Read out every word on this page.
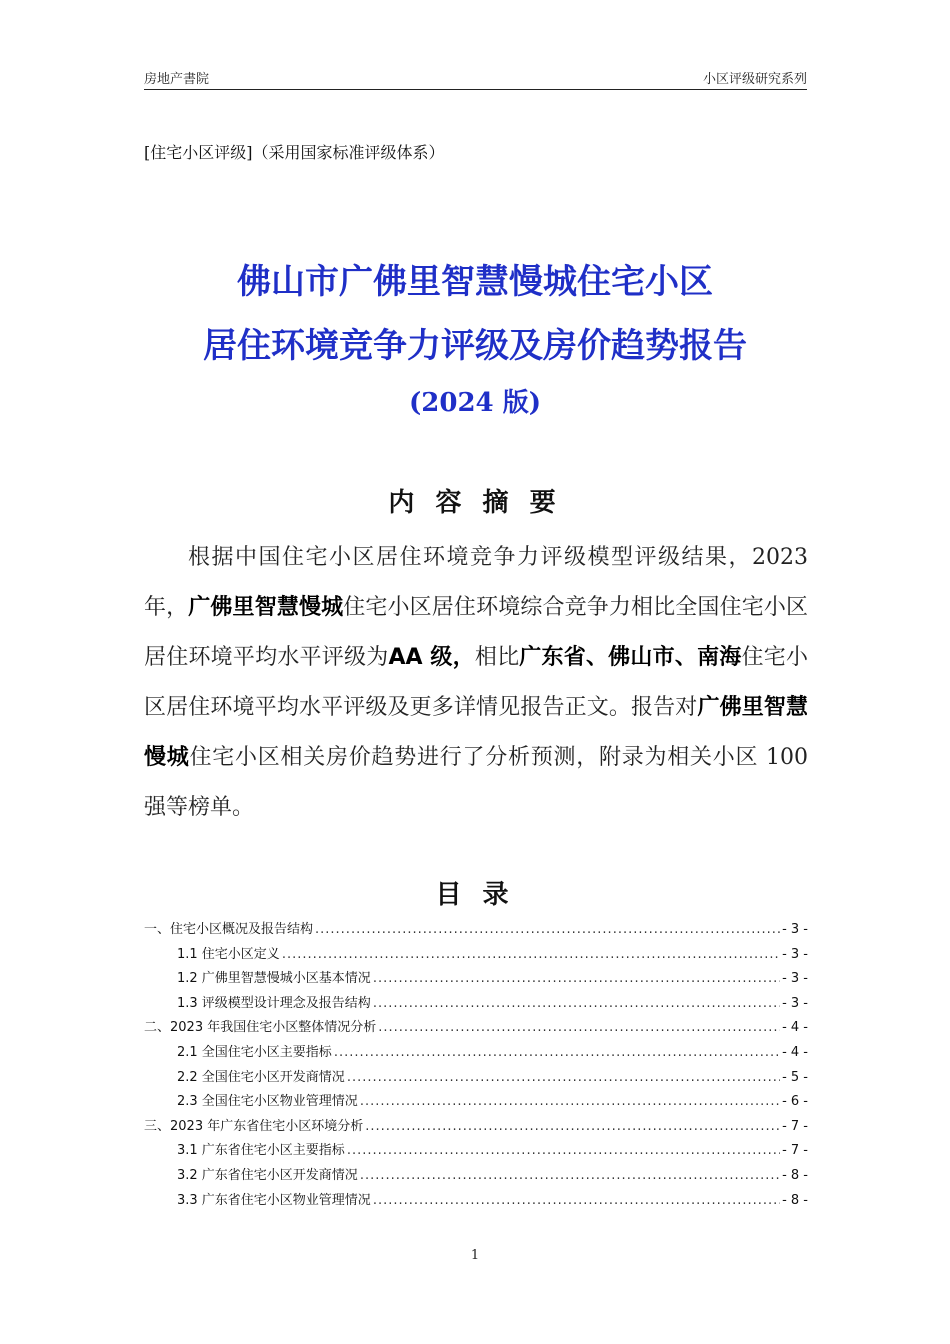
房地产書院	小区评级研究系列
[住宅小区评级]（采用国家标准评级体系）
佛山市广佛里智慧慢城住宅小区
居住环境竞争力评级及房价趋势报告
(2024 版)
内 容 摘 要
根据中国住宅小区居住环境竞争力评级模型评级结果，2023 年，广佛里智慧慢城住宅小区居住环境综合竞争力相比全国住宅小区居住环境平均水平评级为AA 级，相比广东省、佛山市、南海住宅小区居住环境平均水平评级及更多详情见报告正文。报告对广佛里智慧慢城住宅小区相关房价趋势进行了分析预测，附录为相关小区 100 强等榜单。
目 录
一、住宅小区概况及报告结构 .....	- 3 -
1.1 住宅小区定义 .....	- 3 -
1.2 广佛里智慧慢城小区基本情况 .....	- 3 -
1.3 评级模型设计理念及报告结构 .....	- 3 -
二、2023 年我国住宅小区整体情况分析 .....	- 4 -
2.1 全国住宅小区主要指标 .....	- 4 -
2.2 全国住宅小区开发商情况 .....	- 5 -
2.3 全国住宅小区物业管理情况 .....	- 6 -
三、2023 年广东省住宅小区环境分析 .....	- 7 -
3.1 广东省住宅小区主要指标 .....	- 7 -
3.2 广东省住宅小区开发商情况 .....	- 8 -
3.3 广东省住宅小区物业管理情况 .....	- 8 -
1
